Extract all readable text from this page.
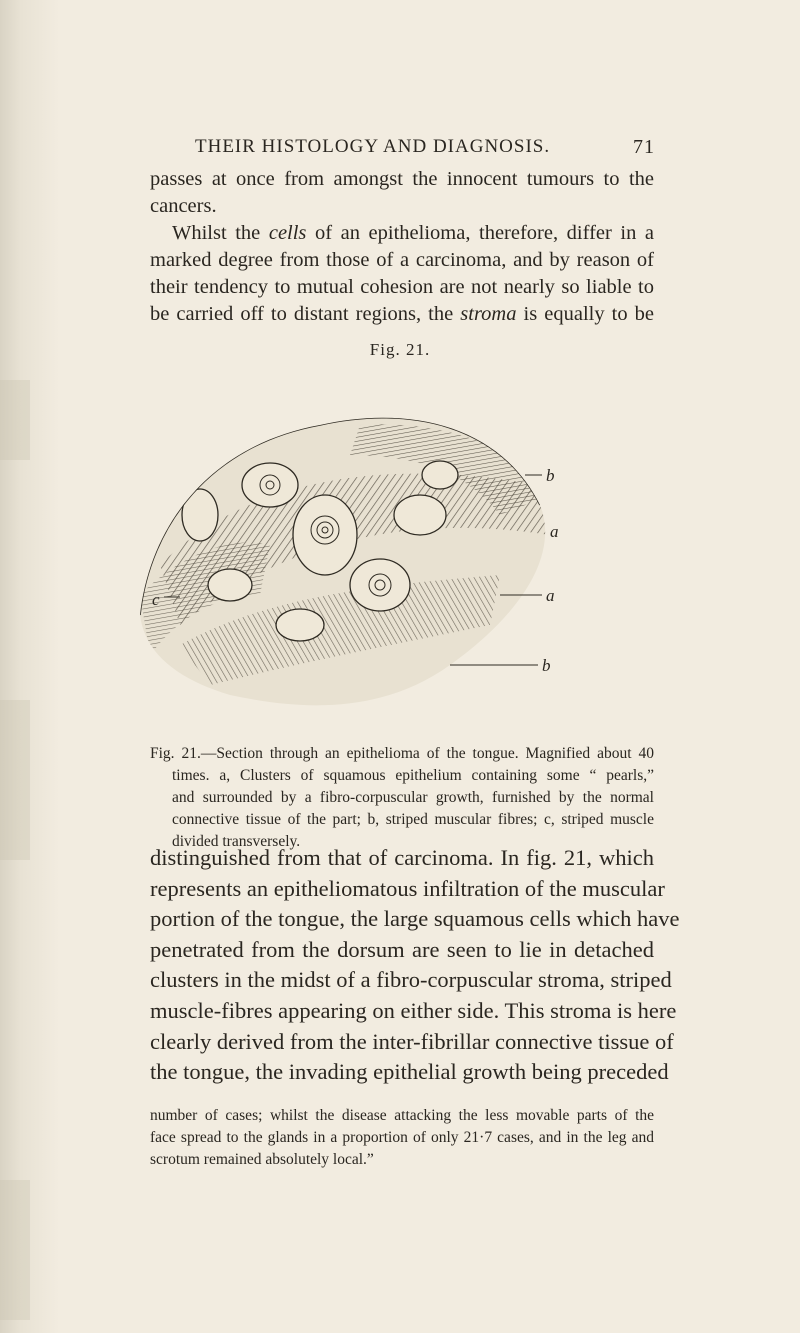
THEIR HISTOLOGY AND DIAGNOSIS.	71

passes at once from amongst the innocent tumours to the
cancers.

Whilst the cells of an epithelioma, therefore, differ in a
marked degree from those of a carcinoma, and by reason of
their tendency to mutual cohesion are not nearly so liable to
be carried off to distant regions, the stroma is equally to be

Fig. 21.
b
a
a
b
c

Fig. 21.—Section through an epithelioma of the tongue. Magnified about 40
times. a, Clusters of squamous epithelium containing some “ pearls,”
and surrounded by a fibro-corpuscular growth, furnished by the normal
connective tissue of the part; b, striped muscular fibres; c, striped muscle
divided transversely.

distinguished from that of carcinoma. In fig. 21, which
represents an epitheliomatous infiltration of the muscular
portion of the tongue, the large squamous cells which have
penetrated from the dorsum are seen to lie in detached
clusters in the midst of a fibro-corpuscular stroma, striped
muscle-fibres appearing on either side. This stroma is here
clearly derived from the inter-fibrillar connective tissue of
the tongue, the invading epithelial growth being preceded

number of cases; whilst the disease attacking the less movable parts of the
face spread to the glands in a proportion of only 21·7 cases, and in the leg and
scrotum remained absolutely local.”
